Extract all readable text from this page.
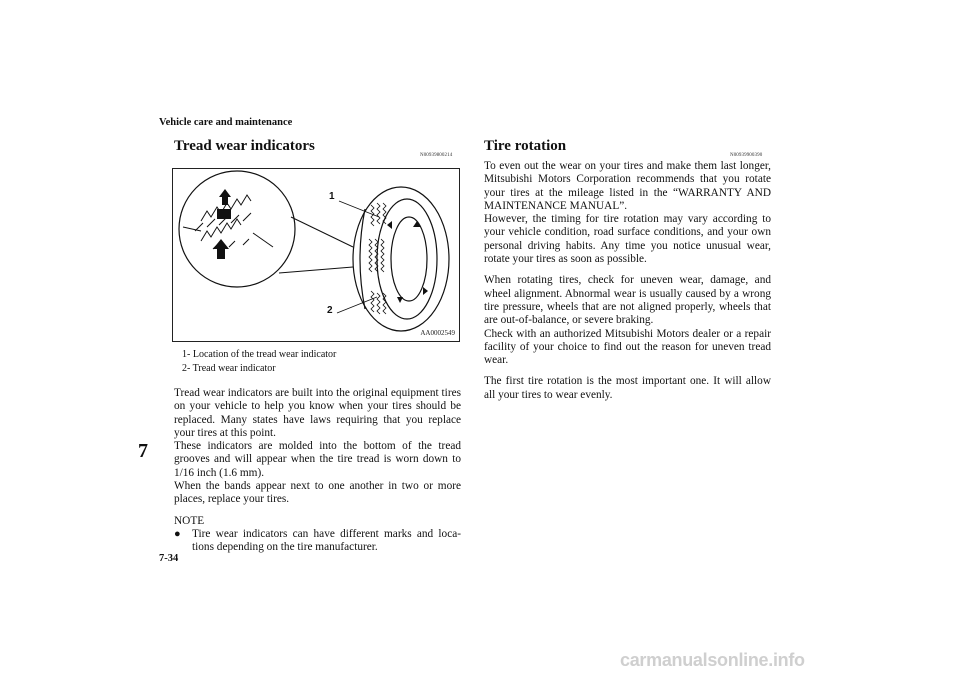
Vehicle care and maintenance
7
Tread wear indicators
N00939800214
1
2
AA0002549
1- Location of the tread wear indicator
2- Tread wear indicator
Tread wear indicators are built into the original equipment tires on your vehicle to help you know when your tires should be replaced. Many states have laws requiring that you replace your tires at this point.
These indicators are molded into the bottom of the tread grooves and will appear when the tire tread is worn down to 1/16 inch (1.6 mm).
When the bands appear next to one another in two or more places, replace your tires.
NOTE
●	Tire wear indicators can have different marks and loca-tions depending on the tire manufacturer.
Tire rotation
N00939900390
To even out the wear on your tires and make them last longer, Mitsubishi Motors Corporation recommends that you rotate your tires at the mileage listed in the “WARRANTY AND MAINTENANCE MANUAL”.
However, the timing for tire rotation may vary according to your vehicle condition, road surface conditions, and your own personal driving habits. Any time you notice unusual wear, rotate your tires as soon as possible.
When rotating tires, check for uneven wear, damage, and wheel alignment. Abnormal wear is usually caused by a wrong tire pressure, wheels that are not aligned properly, wheels that are out-of-balance, or severe braking.
Check with an authorized Mitsubishi Motors dealer or a repair facility of your choice to find out the reason for uneven tread wear.
The first tire rotation is the most important one. It will allow all your tires to wear evenly.
7-34
carmanualsonline.info
